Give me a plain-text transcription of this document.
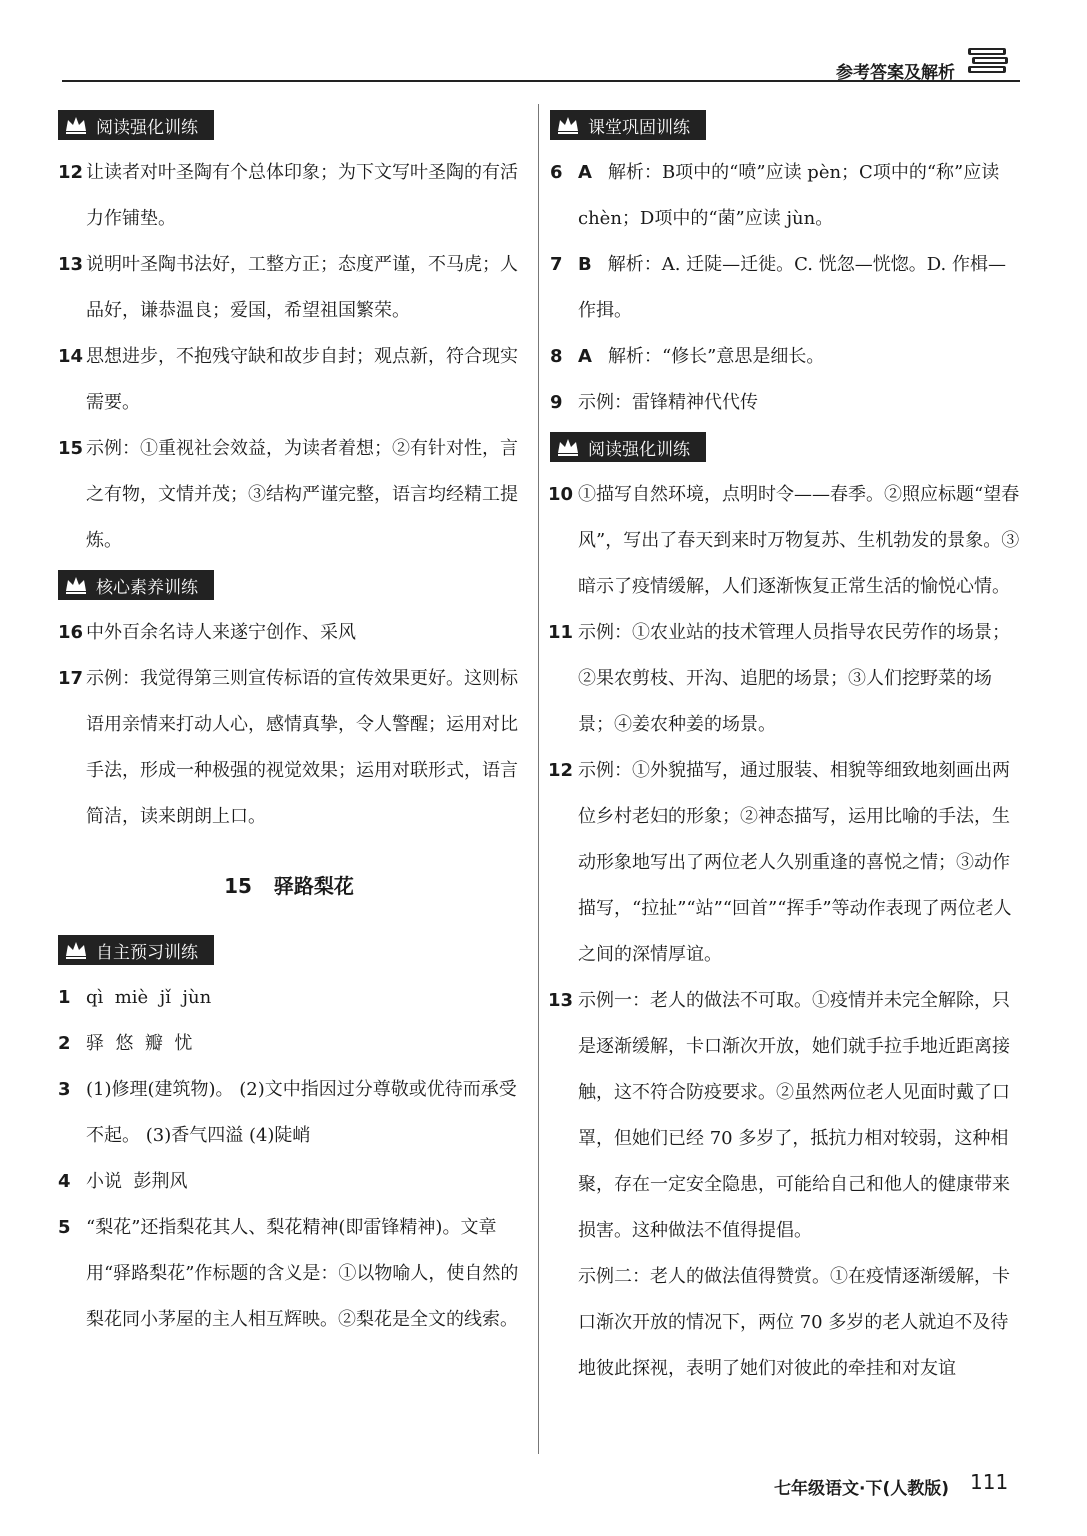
参考答案及解析
阅读强化训练

12 让读者对叶圣陶有个总体印象；为下文写叶圣陶的有活力作铺垫。

13 说明叶圣陶书法好，工整方正；态度严谨，不马虎；人品好，谦恭温良；爱国，希望祖国繁荣。

14 思想进步，不抱残守缺和故步自封；观点新，符合现实需要。

15 示例：①重视社会效益，为读者着想；②有针对性，言之有物，文情并茂；③结构严谨完整，语言均经精工提炼。

核心素养训练

16 中外百余名诗人来遂宁创作、采风

17 示例：我觉得第三则宣传标语的宣传效果更好。这则标语用亲情来打动人心，感情真挚，令人警醒；运用对比手法，形成一种极强的视觉效果；运用对联形式，语言简洁，读来朗朗上口。

15 驿路梨花
自主预习训练

1 qì  miè  jǐ  jùn

2 驿  悠  瓣  忧

3 (1)修理(建筑物)。 (2)文中指因过分尊敬或优待而承受不起。 (3)香气四溢 (4)陡峭

4 小说  彭荆风

5 “梨花”还指梨花其人、梨花精神(即雷锋精神)。文章用“驿路梨花”作标题的含义是：①以物喻人，使自然的梨花同小茅屋的主人相互辉映。②梨花是全文的线索。

课堂巩固训练

6 A 解析：B项中的“喷”应读 pèn；C项中的“称”应读 chèn；D项中的“菌”应读 jùn。

7 B 解析：A. 迁陡—迁徙。C. 恍忽—恍惚。D. 作楫—作揖。

8 A 解析：“修长”意思是细长。

9 示例：雷锋精神代代传

阅读强化训练

10 ①描写自然环境，点明时令——春季。②照应标题“望春风”，写出了春天到来时万物复苏、生机勃发的景象。③暗示了疫情缓解，人们逐渐恢复正常生活的愉悦心情。

11 示例：①农业站的技术管理人员指导农民劳作的场景；②果农剪枝、开沟、追肥的场景；③人们挖野菜的场景；④姜农种姜的场景。

12 示例：①外貌描写，通过服装、相貌等细致地刻画出两位乡村老妇的形象；②神态描写，运用比喻的手法，生动形象地写出了两位老人久别重逢的喜悦之情；③动作描写，“拉扯”“站”“回首”“挥手”等动作表现了两位老人之间的深情厚谊。

13 示例一：老人的做法不可取。①疫情并未完全解除，只是逐渐缓解，卡口渐次开放，她们就手拉手地近距离接触，这不符合防疫要求。②虽然两位老人见面时戴了口罩，但她们已经 70 多岁了，抵抗力相对较弱，这种相聚，存在一定安全隐患，可能给自己和他人的健康带来损害。这种做法不值得提倡。

示例二：老人的做法值得赞赏。①在疫情逐渐缓解，卡口渐次开放的情况下，两位 70 多岁的老人就迫不及待地彼此探视，表明了她们对彼此的牵挂和对友谊

七年级语文·下(人教版) 111
